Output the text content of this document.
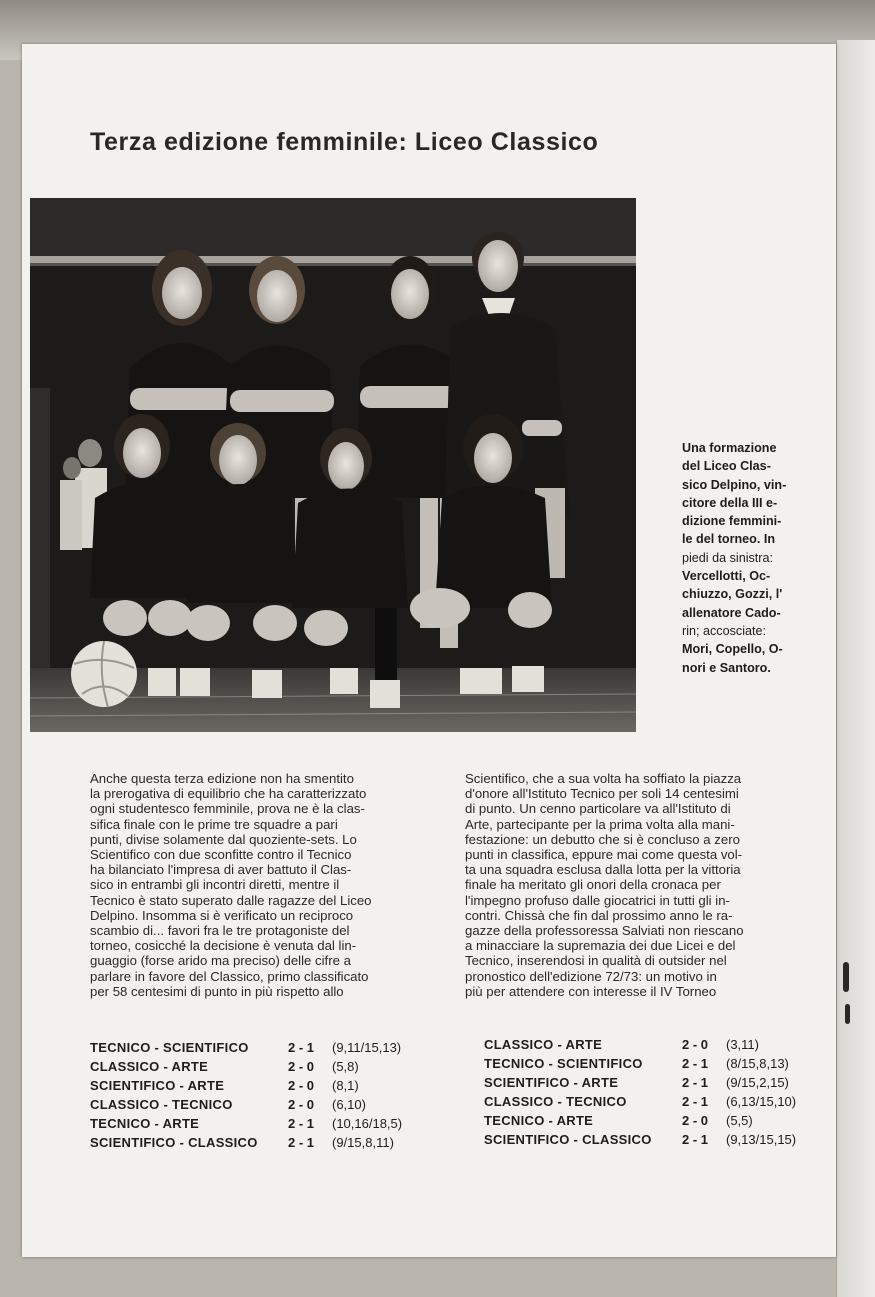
Terza edizione femminile: Liceo Classico
Una formazione
del Liceo Clas-
sico Delpino, vin-
citore della III e-
dizione femmini-
le del torneo. In
piedi da sinistra:
Vercellotti, Oc-
chiuzzo, Gozzi, l'
allenatore Cado-
rin; accosciate:
Mori, Copello, O-
nori e Santoro.
Anche questa terza edizione non ha smentito
la prerogativa di equilibrio che ha caratterizzato
ogni studentesco femminile, prova ne è la clas-
sifica finale con le prime tre squadre a pari
punti, divise solamente dal quoziente-sets. Lo
Scientifico con due sconfitte contro il Tecnico
ha bilanciato l'impresa di aver battuto il Clas-
sico in entrambi gli incontri diretti, mentre il
Tecnico è stato superato dalle ragazze del Liceo
Delpino. Insomma si è verificato un reciproco
scambio di... favori fra le tre protagoniste del
torneo, cosicché la decisione è venuta dal lin-
guaggio (forse arido ma preciso) delle cifre a
parlare in favore del Classico, primo classificato
per 58 centesimi di punto in più rispetto allo
Scientifico, che a sua volta ha soffiato la piazza
d'onore all'Istituto Tecnico per soli 14 centesimi
di punto. Un cenno particolare va all'Istituto di
Arte, partecipante per la prima volta alla mani-
festazione: un debutto che si è concluso a zero
punti in classifica, eppure mai come questa vol-
ta una squadra esclusa dalla lotta per la vittoria
finale ha meritato gli onori della cronaca per
l'impegno profuso dalle giocatrici in tutti gli in-
contri. Chissà che fin dal prossimo anno le ra-
gazze della professoressa Salviati non riescano
a minacciare la supremazia dei due Licei e del
Tecnico, inserendosi in qualità di outsider nel
pronostico dell'edizione 72/73: un motivo in
più per attendere con interesse il IV Torneo
TECNICO - SCIENTIFICO	2 - 1 (9,11/15,13)
CLASSICO - ARTE	2 - 0 (5,8)
SCIENTIFICO - ARTE	2 - 0 (8,1)
CLASSICO - TECNICO	2 - 0 (6,10)
TECNICO - ARTE	2 - 1 (10,16/18,5)
SCIENTIFICO - CLASSICO 2 - 1 (9/15,8,11)
CLASSICO - ARTE	2 - 0 (3,11)
TECNICO - SCIENTIFICO	2 - 1 (8/15,8,13)
SCIENTIFICO - ARTE	2 - 1 (9/15,2,15)
CLASSICO - TECNICO	2 - 1 (6,13/15,10)
TECNICO - ARTE	2 - 0 (5,5)
SCIENTIFICO - CLASSICO 2 - 1 (9,13/15,15)
